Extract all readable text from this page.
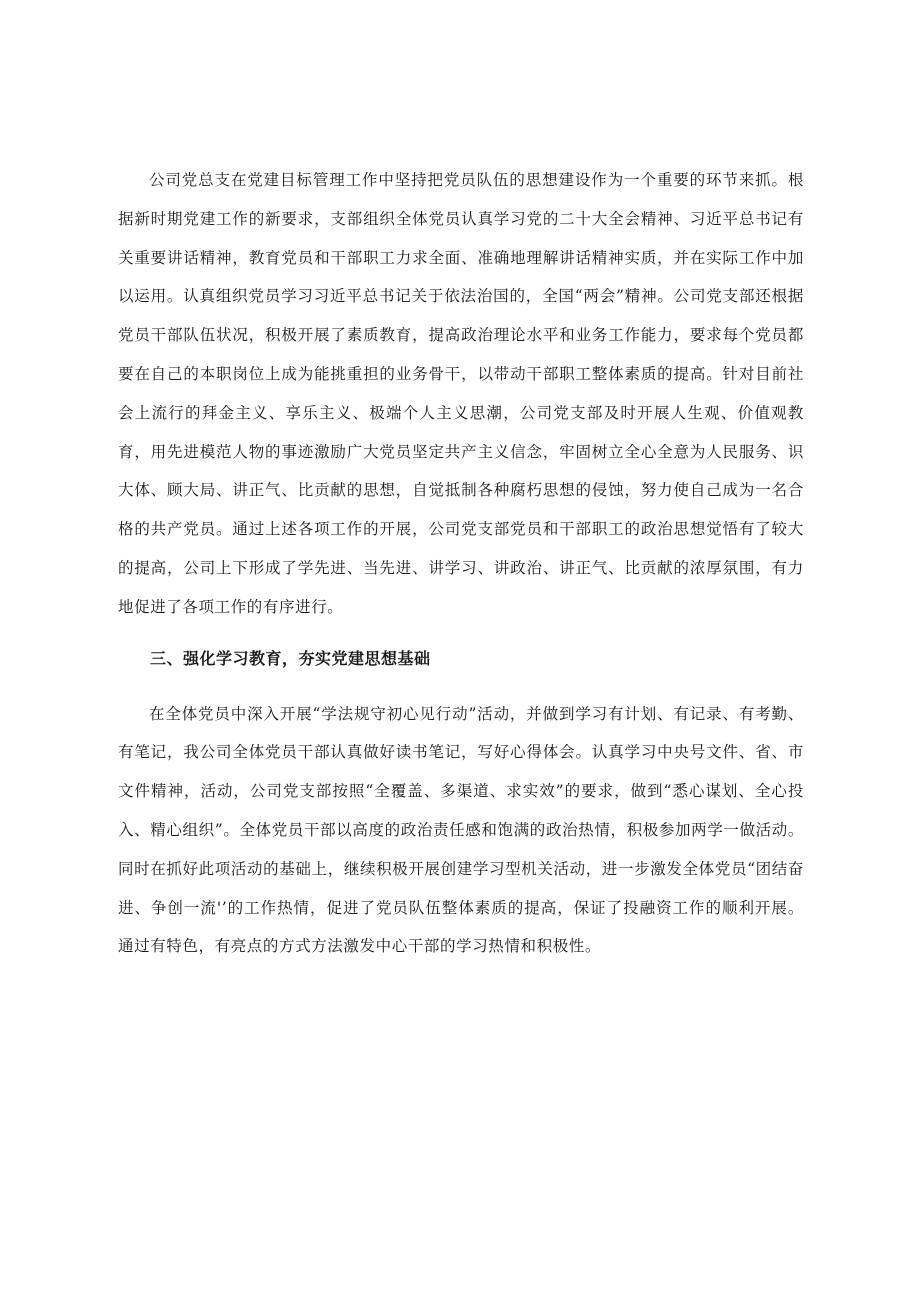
公司党总支在党建目标管理工作中坚持把党员队伍的思想建设作为一个重要的环节来抓。根据新时期党建工作的新要求，支部组织全体党员认真学习党的二十大全会精神、习近平总书记有关重要讲话精神，教育党员和干部职工力求全面、准确地理解讲话精神实质，并在实际工作中加以运用。认真组织党员学习习近平总书记关于依法治国的，全国“两会”精神。公司党支部还根据党员干部队伍状况，积极开展了素质教育，提高政治理论水平和业务工作能力，要求每个党员都要在自己的本职岗位上成为能挑重担的业务骨干，以带动干部职工整体素质的提高。针对目前社会上流行的拜金主义、享乐主义、极端个人主义思潮，公司党支部及时开展人生观、价值观教育，用先进模范人物的事迹激励广大党员坚定共产主义信念，牢固树立全心全意为人民服务、识大体、顾大局、讲正气、比贡献的思想，自觉抵制各种腐朽思想的侵蚀，努力使自己成为一名合格的共产党员。通过上述各项工作的开展，公司党支部党员和干部职工的政治思想觉悟有了较大的提高，公司上下形成了学先进、当先进、讲学习、讲政治、讲正气、比贡献的浓厚氛围，有力地促进了各项工作的有序进行。

三、强化学习教育，夯实党建思想基础

在全体党员中深入开展“学法规守初心见行动”活动，并做到学习有计划、有记录、有考勤、有笔记，我公司全体党员干部认真做好读书笔记，写好心得体会。认真学习中央号文件、省、市文件精神，活动，公司党支部按照“全覆盖、多渠道、求实效”的要求，做到“悉心谋划、全心投入、精心组织”。全体党员干部以高度的政治责任感和饱满的政治热情，积极参加两学一做活动。同时在抓好此项活动的基础上，继续积极开展创建学习型机关活动，进一步激发全体党员“团结奋进、争创一流'’的工作热情，促进了党员队伍整体素质的提高，保证了投融资工作的顺利开展。通过有特色，有亮点的方式方法激发中心干部的学习热情和积极性。
